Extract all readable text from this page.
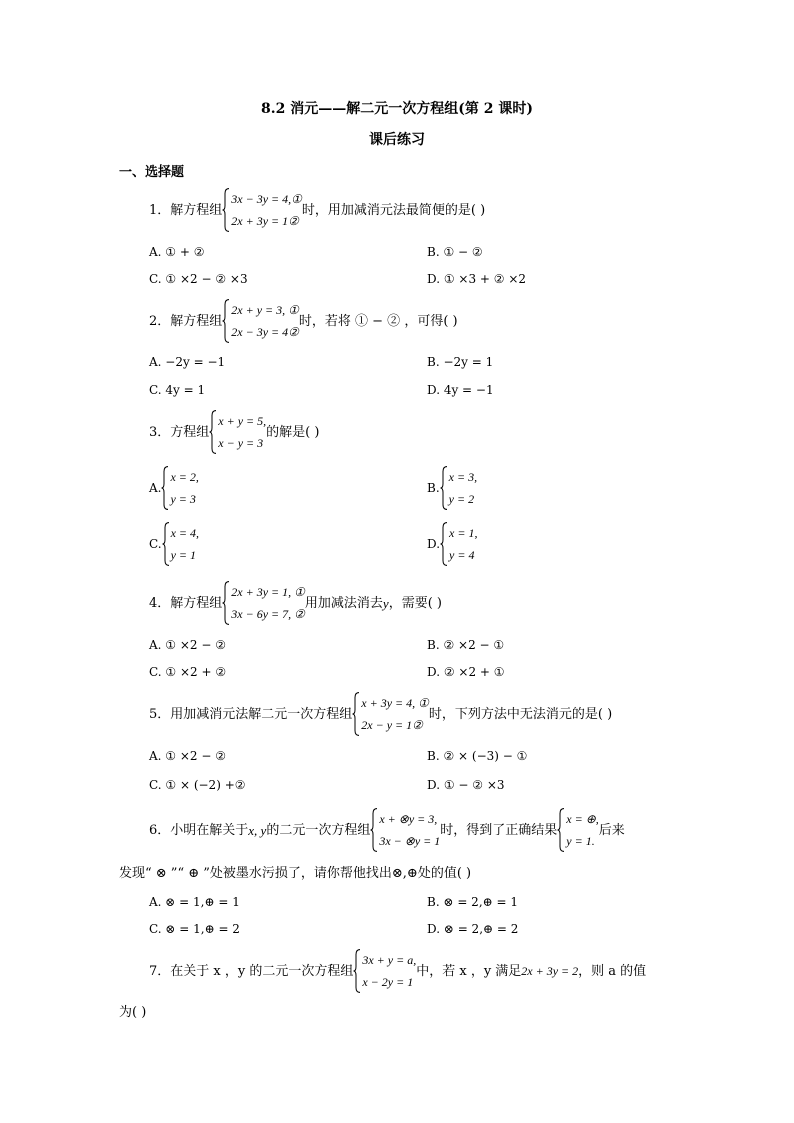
8.2 消元——解二元一次方程组(第 2 课时)
课后练习
一、选择题
1．解方程组
3x − 3y = 4,①
2x + 3y = 1②
时，用加减消元法最简便的是( )
A. ① + ②	B. ① − ②
C. ① ×2 − ② ×3	D. ① ×3 + ② ×2
2．解方程组
2x + y = 3, ①
2x − 3y = 4②
时，若将 ① − ② ，可得( )
A. −2y = −1	B. −2y = 1
C. 4y = 1	D. 4y = −1
3．方程组
x + y = 5,
x − y = 3
的解是( )
A.
x = 2,
y = 3
B.
x = 3,
y = 2
C.
x = 4,
y = 1
D.
x = 1,
y = 4
4．解方程组
2x + 3y = 1, ①
3x − 6y = 7, ②
用加减法消去y，需要( )
A. ① ×2 − ②	B. ② ×2 − ①
C. ① ×2 + ②	D. ② ×2 + ①
5．用加减消元法解二元一次方程组
x + 3y = 4, ①
2x − y = 1②
时，下列方法中无法消元的是( )
A. ① ×2 − ②	B. ② × (−3) − ①
C. ① × (−2) +②	D. ① − ② ×3
6．小明在解关于x, y的二元一次方程组
x + ⊗y = 3,
3x − ⊗y = 1
时，得到了正确结果
x = ⊕,
y = 1.
后来
发现“ ⊗ ”“ ⊕ ”处被墨水污损了，请你帮他找出⊗,⊕处的值( )
A. ⊗ = 1,⊕ = 1	B. ⊗ = 2,⊕ = 1
C. ⊗ = 1,⊕ = 2	D. ⊗ = 2,⊕ = 2
7．在关于 x ，y 的二元一次方程组
3x + y = a,
x − 2y = 1
中，若 x ，y 满足2x + 3y = 2，则 a 的值
为( )
